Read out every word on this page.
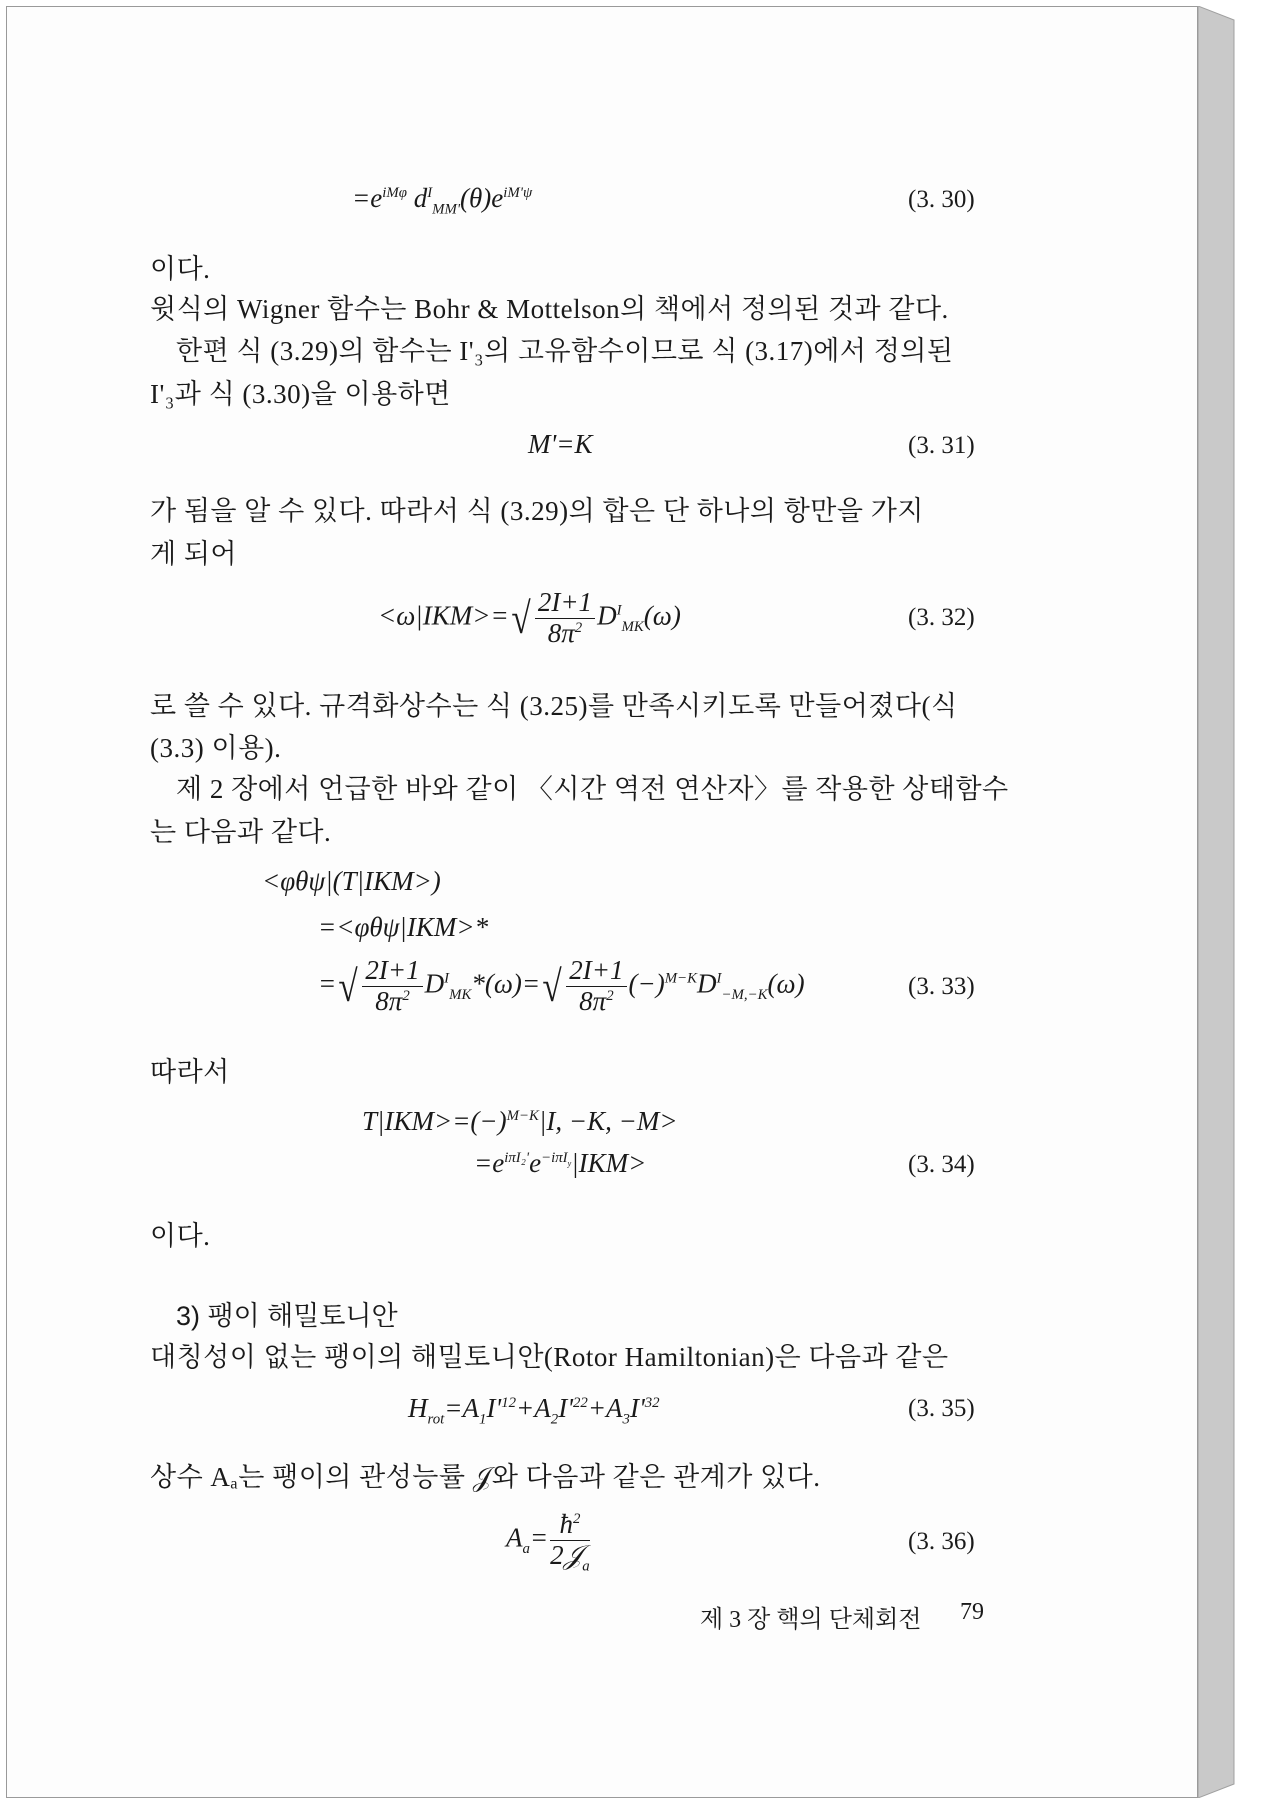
$=e^{iM\varphi}$ $d^I_{MM'}(\theta)e^{iM'\psi}$	(3. 30)
이다.
윗식의 Wigner 함수는 Bohr & Mottelson의 책에서 정의된 것과 같다.
한편 식 (3.29)의 함수는 I'₃의 고유함수이므로 식 (3.17)에서 정의된
I'₃과 식 (3.30)을 이용하면
M'=K	(3. 31)
가 됨을 알 수 있다. 따라서 식 (3.29)의 합은 단 하나의 항만을 가지
게 되어
$<\omega|IKM>=√ \frac{2I+1}{8\pi^2} D^I_{MK}(\omega)$	(3. 32)
로 쓸 수 있다. 규격화상수는 식 (3.25)를 만족시키도록 만들어졌다(식
(3.3) 이용).
제 2 장에서 언급한 바와 같이 〈시간 역전 연산자〉를 작용한 상태함수
는 다음과 같다.
<φθψ|(T|IKM>)
=<φθψ|IKM>*
=√ $\frac{2I+1}{8\pi^2} D^I_{MK}*(\omega)=√ \frac{2I+1}{8\pi^2} (-)^{M-K}D^I_{-M,-K}(\omega)$	(3. 33)
따라서
$T|IKM>=(-)^{M-K}|I$, −K, −M>
$=e^{i\pi I_2'}e^{-i\pi I_y}|IKM>$	(3. 34)
이다.
3) 팽이 해밀토니안
대칭성이 없는 팽이의 해밀토니안(Rotor Hamiltonian)은 다음과 같은
$H_{rot}=A_1I'^{12}+A_2I'^{22}+A_3I'^{32}$	(3. 35)
상수 Aₐ는 팽이의 관성능률 𝒥와 다음과 같은 관계가 있다.
$A_a= \frac{ħ^2}{2𝒥_a}$	(3. 36)
제 3 장 핵의 단체회전 79
